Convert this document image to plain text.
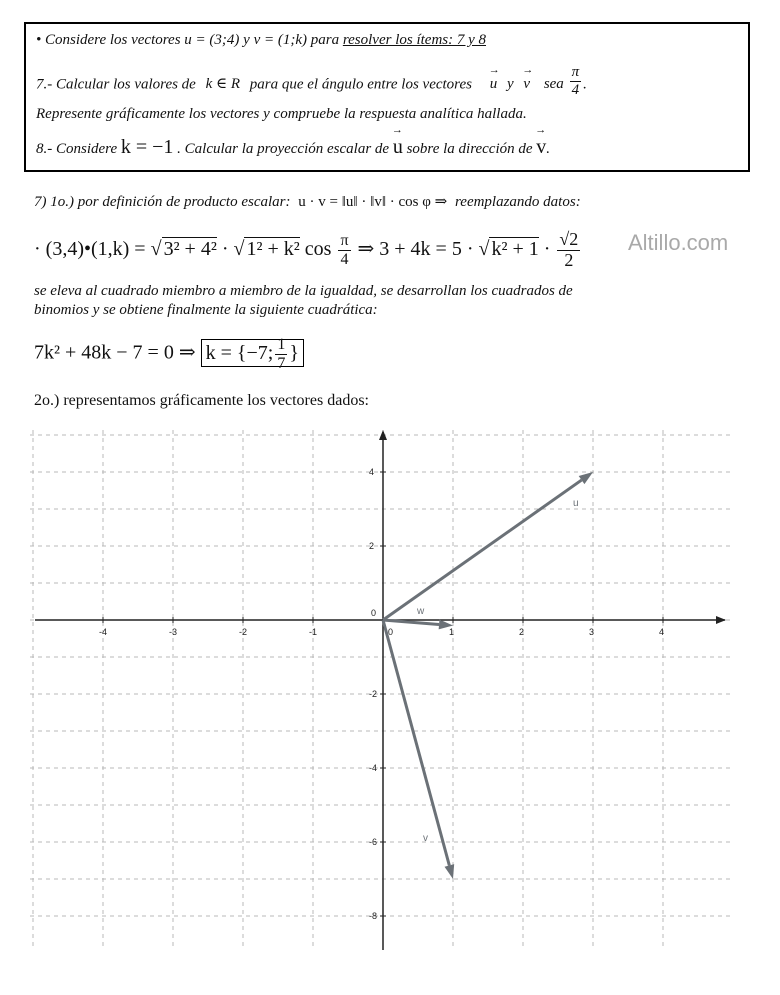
• Considere los vectores u = (3;4) y v = (1;k) para resolver los ítems: 7 y 8
7.- Calcular los valores de k ∈ R para que el ángulo entre los vectores → u y → v sea $\frac{\pi}{4}$ .
Represente gráficamente los vectores y compruebe la respuesta analítica hallada.
8.- Considere k = −1 . Calcular la proyección escalar de → u sobre la dirección de → v.
7) 1o.) por definición de producto escalar: u · v = ‖u‖ · ‖v‖ · cos φ ⇒ reemplazando datos:
· (3,4)•(1,k) = √ 3² + 4² · √ 1² + k² $\cos \frac{\pi}{4}$ ⇒ 3 + 4k = 5 · √ $k^2 + 1 \cdot \frac{√2}{2}$ Altillo.com
se eleva al cuadrado miembro a miembro de la igualdad, se desarrollan los cuadrados de
binomios y se obtiene finalmente la siguiente cuadrática:
7k² + 48k − 7 = 0 ⇒ k = {−7; $\frac{1}{7}$ }
2o.) representamos gráficamente los vectores dados:
-4	-3	-2	-1	0	1	2	3	4
4
2
0
-2
-4
-6
-8
u
w
v
